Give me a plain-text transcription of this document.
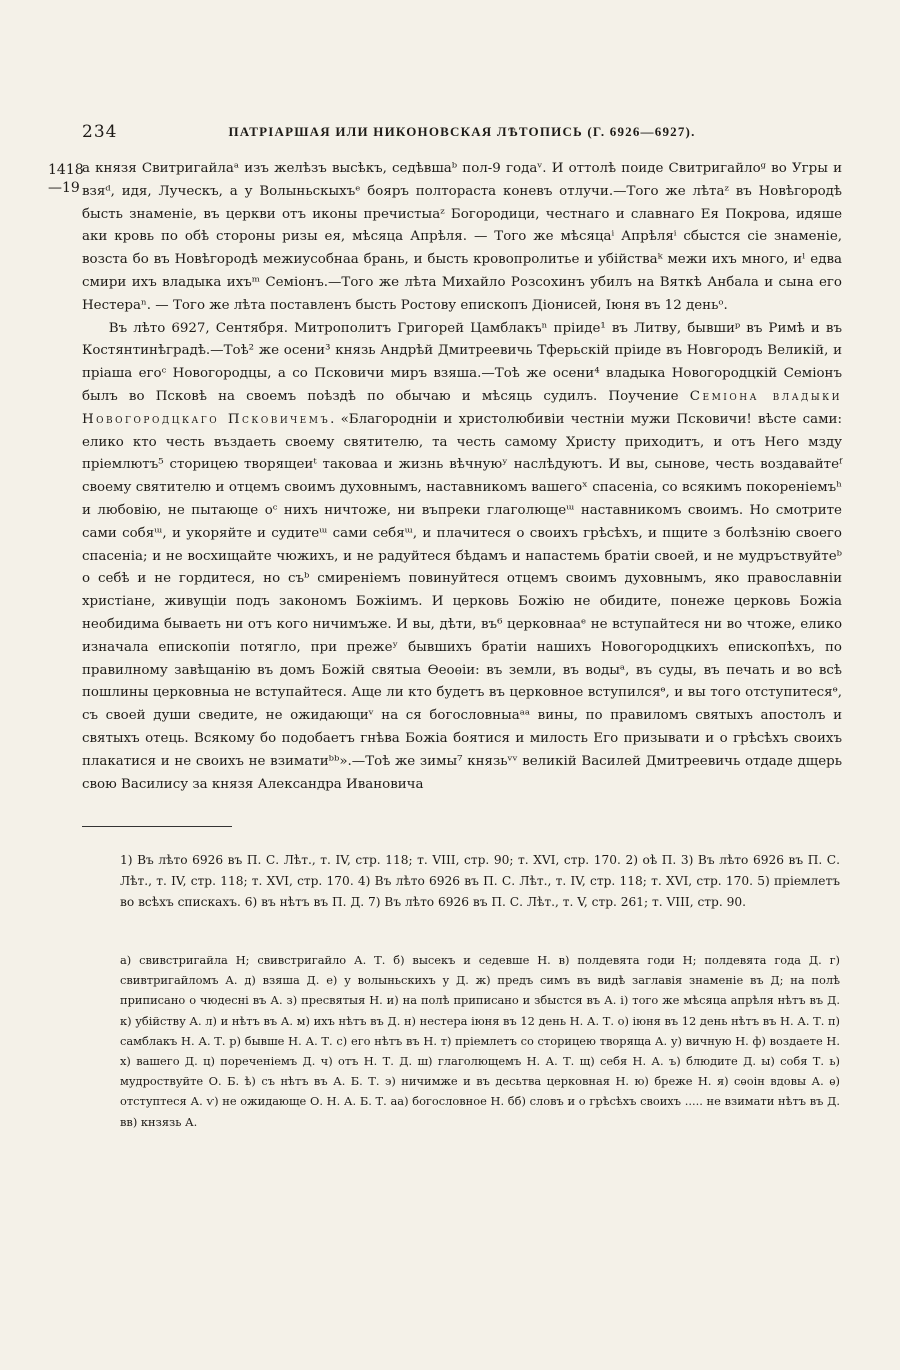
234	ПАТРІАРШАЯ ИЛИ НИКОНОВСКАЯ ЛѢТОПИСЬ (Г. 6926—6927).
1418
—19

а князя Свитригайлаᵃ изъ желѣзъ высѣкъ, седѣвшаᵇ пол-9 годаᵛ. И оттолѣ поиде Свитригайлоᵍ во Угры и взяᵈ, идя, Луческъ, а у Волыньскыхъᵉ бояръ полтораста коневъ отлучи.—Того же лѣтаᶻ въ Новѣгородѣ бысть знаменіе, въ церкви отъ иконы пречистыаᶻ Богородици, честнаго и славнаго Ея Покрова, идяше аки кровь по обѣ стороны ризы ея, мѣсяца Апрѣля. — Того же мѣсяцаⁱ Апрѣляⁱ сбыстся сіе знаменіе, возста бо въ Новѣгородѣ межиусобнаа брань, и бысть кровопролитье и убійстваᵏ межи ихъ много, иˡ едва смири ихъ владыка ихъᵐ Семіонъ.—Того же лѣта Михайло Розсохинъ убилъ на Вяткѣ Анбала и сына его Нестераⁿ. — Того же лѣта поставленъ бысть Ростову епископъ Діонисей, Іюня въ 12 деньᵒ.

Въ лѣто 6927, Сентября. Митрополитъ Григорей Цамблакъⁿ пріиде¹ въ Литву, бывшиᵖ въ Римѣ и въ Костянтинѣградѣ.—Тоѣ² же осени³ князь Андрѣй Дмитреевичь Тферьскій пріиде въ Новгородъ Великій, и пріаша егоᶜ Новогородцы, а со Псковичи миръ взяша.—Тоѣ же осени⁴ владыка Новогородцкій Семіонъ былъ во Псковѣ на своемъ поѣздѣ по обычаю и мѣсяць судилъ. Поучение Семіона владыки Новогородцкаго Псковичемъ. «Благородніи и христолюбивіи честніи мужи Псковичи! вѣсте сами: елико кто честь въздаеть своему святителю, та честь самому Христу приходитъ, и отъ Него мзду пріемлютъ⁵ сторицею творящеиᵗ таковаа и жизнь вѣчнуюʸ наслѣдуютъ. И вы, сынове, честь воздавайтеᶠ своему святителю и отцемъ своимъ духовнымъ, наставникомъ вашегоˣ спасеніа, со всякимъ покореніемъʰ и любовію, не пытающе оᶜ нихъ ничтоже, ни въпреки глаголющеᵚ наставникомъ своимъ. Но смотрите сами собяᵚ, и укоряйте и судитеᵚ сами себяᵚ, и плачитеся о своихъ грѣсѣхъ, и пщите з болѣзнію своего спасеніа; и не восхищайте чюжихъ, и не радуйтеся бѣдамъ и напастемь братіи своей, и не мудръствуйтеᵇ о себѣ и не гордитеся, но съᵇ смиреніемъ повинуйтеся отцемъ своимъ духовнымъ, яко православніи христіане, живущіи подъ закономъ Божіимъ. И церковь Божію не обидите, понеже церковь Божіа необидима бываеть ни отъ кого ничимъже. И вы, дѣти, въ⁶ церковнааᵉ не вступайтеся ни во чтоже, елико изначала епископіи потягло, при прежеʸ бывшихъ братіи нашихъ Новогородцкихъ епископѣхъ, по правилному завѣщанію въ домъ Божій святыа Ѳеоѳіи: въ земли, въ водыᵃ, въ суды, въ печать и во всѣ пошлины церковныа не вступайтеся. Аще ли кто будетъ въ церковное вступилсяᶱ, и вы того отступитесяᶱ, съ своей души сведите, не ожидающиᵛ на ся богословныаᵃᵃ вины, по правиломъ святыхъ апостолъ и святыхъ отець. Всякому бо подобаетъ гнѣва Божіа боятися и милость Его призывати и о грѣсѣхъ своихъ плакатися и не своихъ не взиматиᵇᵇ».—Тоѣ же зимы⁷ князьᵛᵛ великій Василей Дмитреевичь отдаде дщерь свою Василису за князя Александра Ивановича

1) Въ лѣто 6926 въ П. С. Лѣт., т. IV, стр. 118; т. VIII, стр. 90; т. XVI, стр. 170. 2) оѣ П. 3) Въ лѣто 6926 въ П. С. Лѣт., т. IV, стр. 118; т. XVI, стр. 170. 4) Въ лѣто 6926 въ П. С. Лѣт., т. IV, стр. 118; т. XVI, стр. 170. 5) пріемлетъ во всѣхъ спискахъ. 6) въ нѣтъ въ П. Д. 7) Въ лѣто 6926 въ П. С. Лѣт., т. V, стр. 261; т. VIII, стр. 90.
а) свивстригайла Н; свивстригайло А. Т. б) высекъ и седевше Н. в) полдевята годи Н; полдевята года Д. г) свивтригайломъ А. д) взяша Д. е) у волыньскихъ у Д. ж) предъ симъ въ видѣ заглавія знаменіе въ Д; на полѣ приписано о чюдесні въ А. з) пресвятыя Н. и) на полѣ приписано и збыстся въ А. і) того же мѣсяца апрѣля нѣтъ въ Д. к) убійству А. л) и нѣтъ въ А. м) ихъ нѣтъ въ Д. н) нестера іюня въ 12 день Н. А. Т. о) іюня въ 12 день нѣтъ въ Н. А. Т. п) самблакъ Н. А. Т. р) бывше Н. А. Т. с) его нѣтъ въ Н. т) пріемлетъ со сторицею творяща А. у) вичную Н. ф) воздаете Н. х) вашего Д. ц) пореченіемъ Д. ч) отъ Н. Т. Д. ш) глаголющемъ Н. А. Т. щ) себя Н. А. ъ) блюдите Д. ы) собя Т. ь) мудроствуйте О. Б. ѣ) съ нѣтъ въ А. Б. Т. э) ничимже и въ десьтва церковная Н. ю) бреже Н. я) сѳоін вдовы А. ѳ) отступтеся А. ѵ) не ожидающе О. Н. А. Б. Т. аа) богословное Н. бб) словъ и о грѣсѣхъ своихъ ..... не взимати нѣтъ въ Д. вв) кнзязь А.
